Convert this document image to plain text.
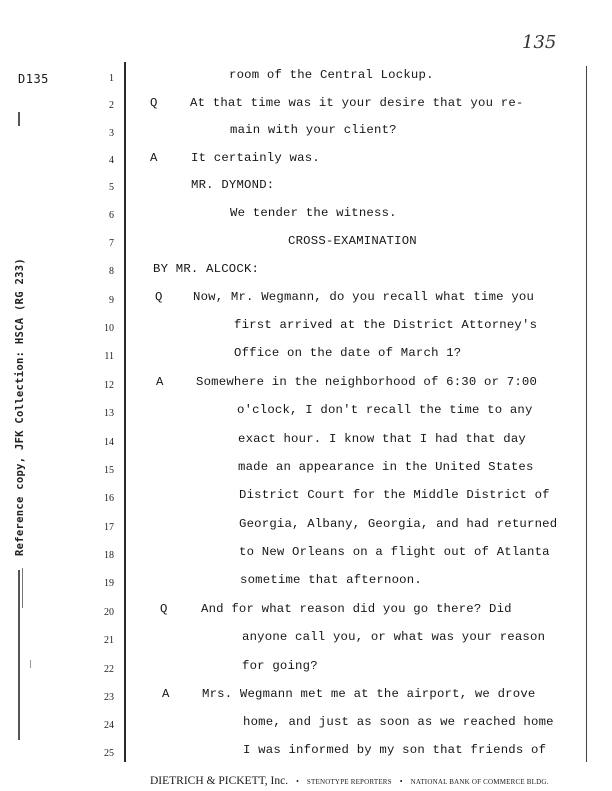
135
D135
Reference copy, JFK Collection: HSCA (RG 233)
1	room of the Central Lockup.
2	Q	At that time was it your desire that you re-
3	main with your client?
4	A	It certainly was.
5	MR. DYMOND:
6	We tender the witness.
7	CROSS-EXAMINATION
8	BY MR. ALCOCK:
9	Q Now, Mr. Wegmann, do you recall what time you
10	first arrived at the District Attorney's
11	Office on the date of March 1?
12	A	Somewhere in the neighborhood of 6:30 or 7:00
13	o'clock, I don't recall the time to any
14	exact hour. I know that I had that day
15	made an appearance in the United States
16	District Court for the Middle District of
17	Georgia, Albany, Georgia, and had returned
18	to New Orleans on a flight out of Atlanta
19	sometime that afternoon.
20	Q	And for what reason did you go there? Did
21	anyone call you, or what was your reason
22	for going?
23	A	Mrs. Wegmann met me at the airport, we drove
24	home, and just as soon as we reached home
25	I was informed by my son that friends of
DIETRICH & PICKETT, Inc. • STENOTYPE REPORTERS • NATIONAL BANK OF COMMERCE BLDG.
